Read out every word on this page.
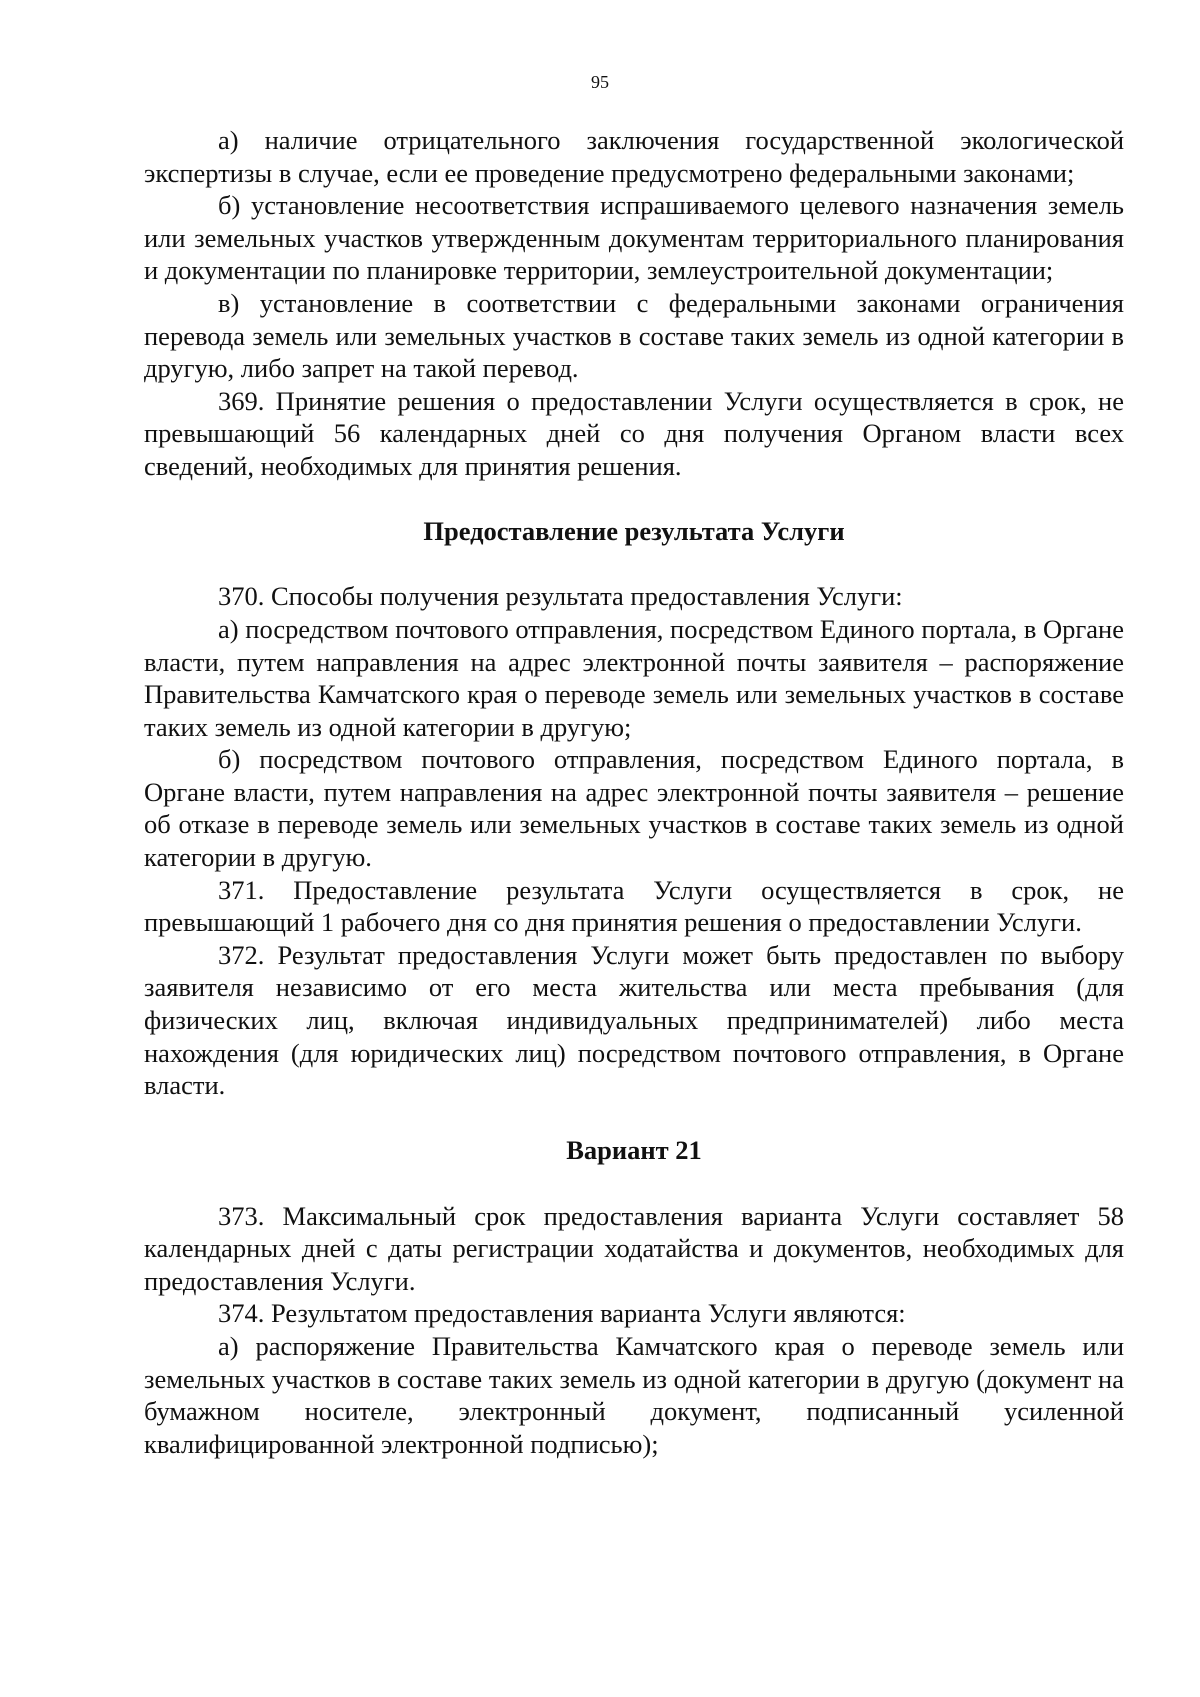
95

а) наличие отрицательного заключения государственной экологической экспертизы в случае, если ее проведение предусмотрено федеральными законами;

б) установление несоответствия испрашиваемого целевого назначения земель или земельных участков утвержденным документам территориального планирования и документации по планировке территории, землеустроительной документации;

в) установление в соответствии с федеральными законами ограничения перевода земель или земельных участков в составе таких земель из одной категории в другую, либо запрет на такой перевод.

369. Принятие решения о предоставлении Услуги осуществляется в срок, не превышающий 56 календарных дней со дня получения Органом власти всех сведений, необходимых для принятия решения.

Предоставление результата Услуги

370. Способы получения результата предоставления Услуги:

а) посредством почтового отправления, посредством Единого портала, в Органе власти, путем направления на адрес электронной почты заявителя – распоряжение Правительства Камчатского края о переводе земель или земельных участков в составе таких земель из одной категории в другую;

б) посредством почтового отправления, посредством Единого портала, в Органе власти, путем направления на адрес электронной почты заявителя – решение об отказе в переводе земель или земельных участков в составе таких земель из одной категории в другую.

371. Предоставление результата Услуги осуществляется в срок, не превышающий 1 рабочего дня со дня принятия решения о предоставлении Услуги.

372. Результат предоставления Услуги может быть предоставлен по выбору заявителя независимо от его места жительства или места пребывания (для физических лиц, включая индивидуальных предпринимателей) либо места нахождения (для юридических лиц) посредством почтового отправления, в Органе власти.

Вариант 21

373. Максимальный срок предоставления варианта Услуги составляет 58 календарных дней с даты регистрации ходатайства и документов, необходимых для предоставления Услуги.

374. Результатом предоставления варианта Услуги являются:

а) распоряжение Правительства Камчатского края о переводе земель или земельных участков в составе таких земель из одной категории в другую (документ на бумажном носителе, электронный документ, подписанный усиленной квалифицированной электронной подписью);
